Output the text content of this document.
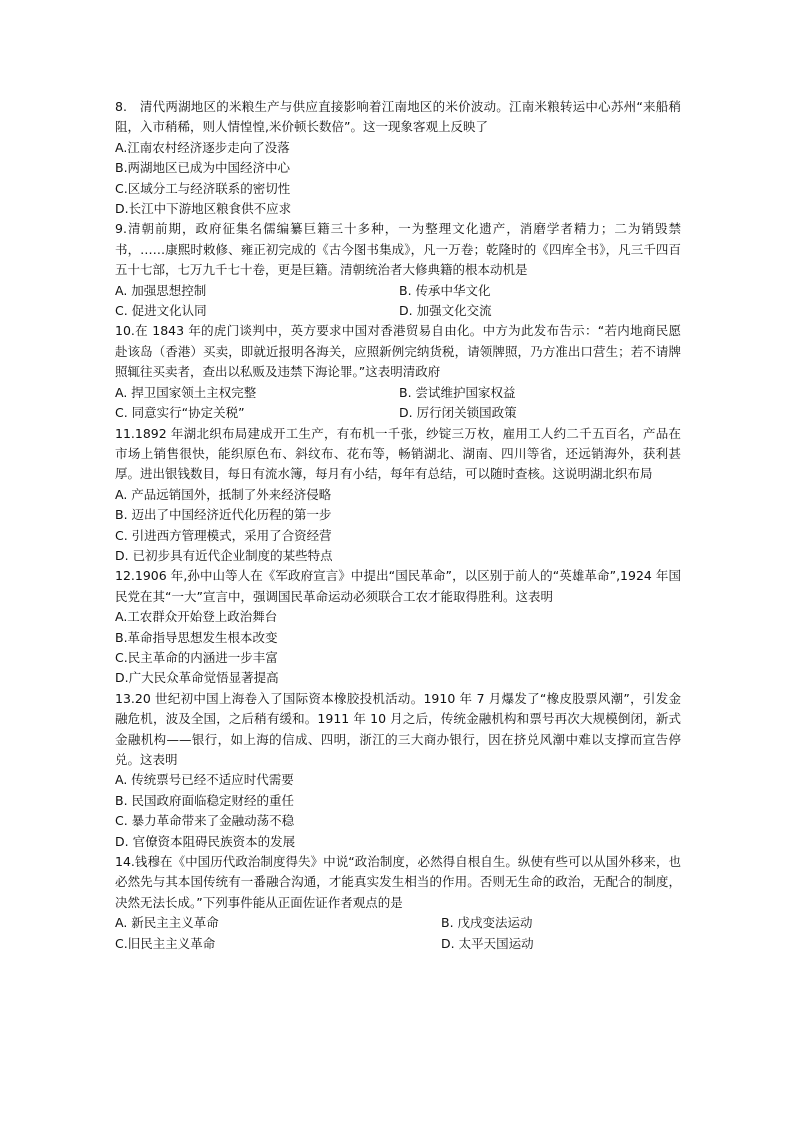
8.　清代两湖地区的米粮生产与供应直接影响着江南地区的米价波动。江南米粮转运中心苏州“来船稍阻，入市稍稀，则人情惶惶,米价顿长数倍”。这一现象客观上反映了
A.江南农村经济逐步走向了没落
B.两湖地区已成为中国经济中心
C.区域分工与经济联系的密切性
D.长江中下游地区粮食供不应求
9.清朝前期，政府征集名儒编纂巨籍三十多种，一为整理文化遗产，消磨学者精力；二为销毁禁书，……康熙时敕修、雍正初完成的《古今图书集成》，凡一万卷；乾隆时的《四库全书》，凡三千四百五十七部，七万九千七十卷，更是巨籍。清朝统治者大修典籍的根本动机是
A. 加强思想控制	B. 传承中华文化
C. 促进文化认同	D. 加强文化交流
10.在 1843 年的虎门谈判中，英方要求中国对香港贸易自由化。中方为此发布告示：“若内地商民愿赴该岛（香港）买卖，即就近报明各海关，应照新例完纳货税，请领牌照，乃方准出口营生；若不请牌照辄往买卖者，查出以私贩及违禁下海论罪。”这表明清政府
A. 捍卫国家领土主权完整	B. 尝试维护国家权益
C. 同意实行“协定关税”	D. 厉行闭关锁国政策
11.1892 年湖北织布局建成开工生产，有布机一千张，纱锭三万枚，雇用工人约二千五百名，产品在市场上销售很快，能织原色布、斜纹布、花布等，畅销湖北、湖南、四川等省，还远销海外，获利甚厚。进出银钱数目，每日有流水簿，每月有小结，每年有总结，可以随时查核。这说明湖北织布局
A. 产品远销国外，抵制了外来经济侵略
B. 迈出了中国经济近代化历程的第一步
C. 引进西方管理模式，采用了合资经营
D. 已初步具有近代企业制度的某些特点
12.1906 年,孙中山等人在《军政府宣言》中提出“国民革命”，以区别于前人的“英雄革命”,1924 年国民党在其“一大”宣言中，强调国民革命运动必须联合工农才能取得胜利。这表明
A.工农群众开始登上政治舞台
B.革命指导思想发生根本改变
C.民主革命的内涵进一步丰富
D.广大民众革命觉悟显著提高
13.20 世纪初中国上海卷入了国际资本橡胶投机活动。1910 年 7 月爆发了“橡皮股票风潮”，引发金融危机，波及全国，之后稍有缓和。1911 年 10 月之后，传统金融机构和票号再次大规模倒闭，新式金融机构——银行，如上海的信成、四明，浙江的三大商办银行，因在挤兑风潮中难以支撑而宣告停兑。这表明
A. 传统票号已经不适应时代需要
B. 民国政府面临稳定财经的重任
C. 暴力革命带来了金融动荡不稳
D. 官僚资本阻碍民族资本的发展
14.钱穆在《中国历代政治制度得失》中说“政治制度，必然得自根自生。纵使有些可以从国外移来，也必然先与其本国传统有一番融合沟通，才能真实发生相当的作用。否则无生命的政治，无配合的制度，决然无法长成。”下列事件能从正面佐证作者观点的是
A. 新民主主义革命	B. 戊戌变法运动
C.旧民主主义革命	D. 太平天国运动
